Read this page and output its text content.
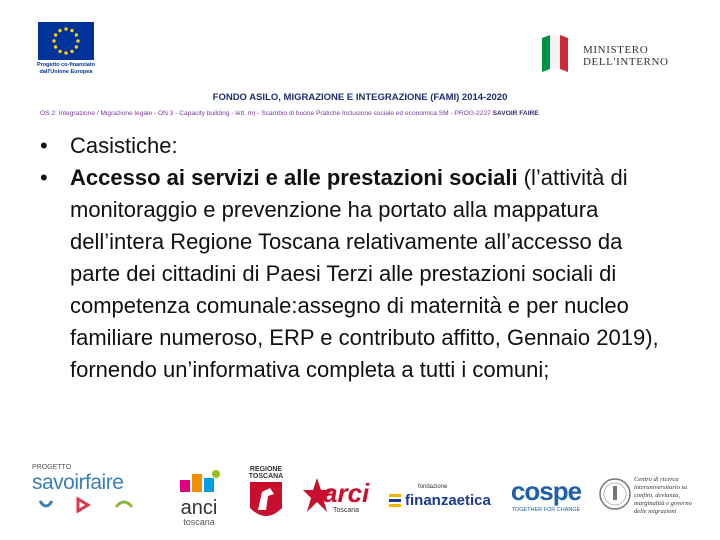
Progetto co-finanziato dall'Unione Europea
MINISTERO
DELL'INTERNO
FONDO ASILO, MIGRAZIONE E INTEGRAZIONE (FAMI) 2014-2020
OS 2: Integrazione / Migrazione legale - ON 3 - Capacity building - lett. m) - Scambio di buone Pratiche Inclusione sociale ed economica SM - PROG-2227 SAVOIR FAIRE
•	Casistiche:
•	Accesso ai servizi e alle prestazioni sociali (l’attività di monitoraggio e prevenzione ha portato alla mappatura dell’intera Regione Toscana relativamente all’accesso da parte dei cittadini di Paesi Terzi alle prestazioni sociali di competenza comunale:assegno di maternità e per nucleo familiare numeroso, ERP e contributo affitto, Gennaio 2019), fornendo un’informativa completa a tutti i comuni;
PROGETTO
savoirfaire
anci
toscana
REGIONE
TOSCANA
arci
Toscana
fondazione
finanzaetica cospe
TOGETHER FOR CHANGE
Centro di ricerca interuniversitario su confini, devianza, marginalità e governo delle migrazioni
